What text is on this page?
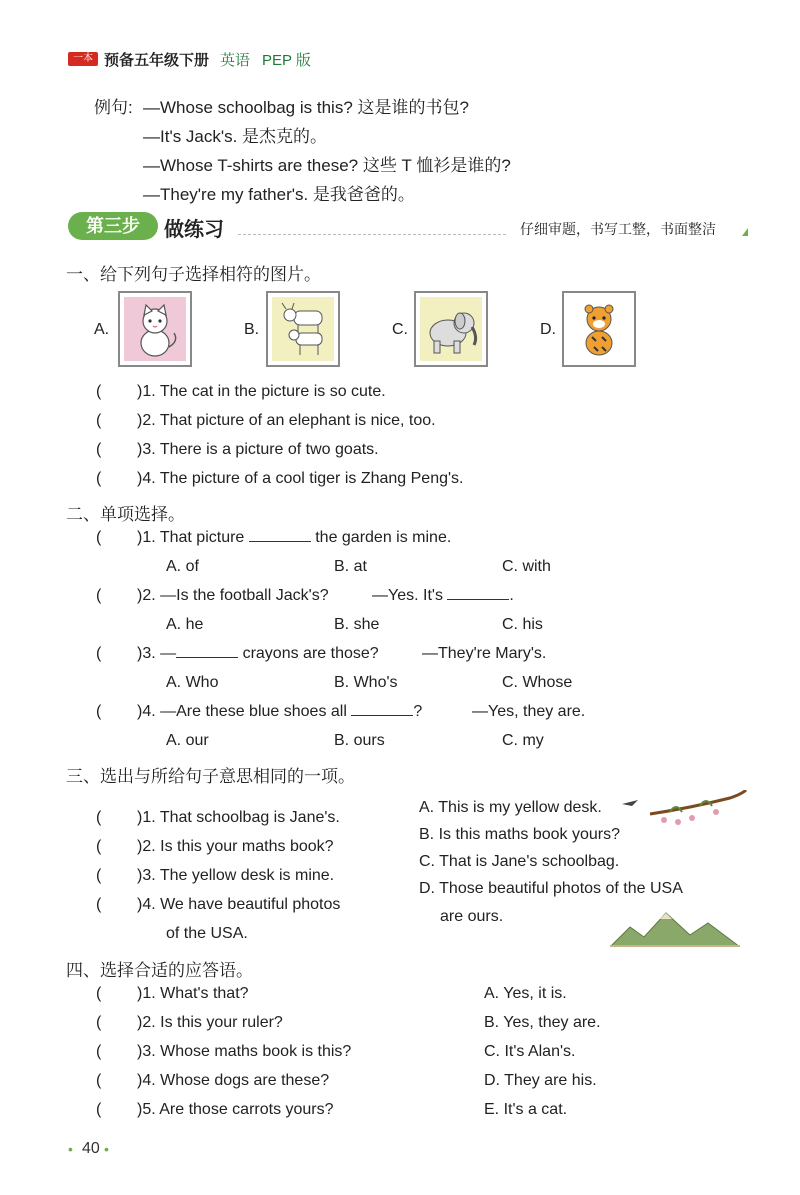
一本 预备五年级下册 英语 PEP 版
例句: —Whose schoolbag is this? 这是谁的书包?
—It's Jack's. 是杰克的。
—Whose T-shirts are these? 这些 T 恤衫是谁的?
—They're my father's. 是我爸爸的。
第三步	做练习	仔细审题，书写工整，书面整洁
一、给下列句子选择相符的图片。
A.	B.	C.	D.
( )1. The cat in the picture is so cute.
( )2. That picture of an elephant is nice, too.
( )3. There is a picture of two goats.
( )4. The picture of a cool tiger is Zhang Peng's.
二、单项选择。
( )1. That picture	the garden is mine.
A. of	B. at	C. with
( )2. —Is the football Jack's?	—Yes. It's	.
A. he	B. she	C. his
( )3. —	crayons are those?	—They're Mary's.
A. Who	B. Who's	C. Whose
( )4. —Are these blue shoes all	?	—Yes, they are.
A. our	B. ours	C. my
三、选出与所给句子意思相同的一项。
( )1. That schoolbag is Jane's.
( )2. Is this your maths book?
( )3. The yellow desk is mine.
( )4. We have beautiful photos
of the USA.
A. This is my yellow desk.
B. Is this maths book yours?
C. That is Jane's schoolbag.
D. Those beautiful photos of the USA
are ours.
四、选择合适的应答语。
( )1. What's that?	A. Yes, it is.
( )2. Is this your ruler?	B. Yes, they are.
( )3. Whose maths book is this?	C. It's Alan's.
( )4. Whose dogs are these?	D. They are his.
( )5. Are those carrots yours?	E. It's a cat.
• 40 •
